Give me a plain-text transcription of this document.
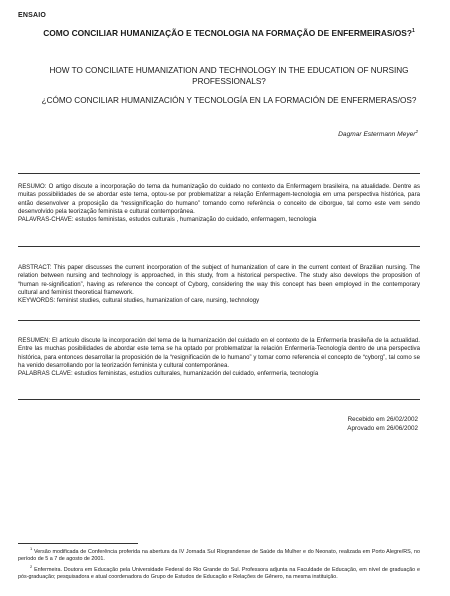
ENSAIO
COMO CONCILIAR HUMANIZAÇÃO E TECNOLOGIA NA FORMAÇÃO DE ENFERMEIRAS/OS?$^1$
HOW TO CONCILIATE HUMANIZATION AND TECHNOLOGY IN THE EDUCATION OF NURSING PROFESSIONALS?
¿CÓMO CONCILIAR HUMANIZACIÓN Y TECNOLOGÍA EN LA FORMACIÓN DE ENFERMERAS/OS?
Dagmar Estermann Meyer$^2$
RESUMO: O artigo discute a incorporação do tema da humanização do cuidado no contexto da Enfermagem brasileira, na atualidade. Dentre as muitas possibilidades de se abordar este tema, optou-se por problematizar a relação Enfermagem-tecnologia em uma perspectiva histórica, para então desenvolver a proposição da “ressignificação do humano” tomando como referência o conceito de ciborgue, tal como este vem sendo desenvolvido pela teorização feminista e cultural contemporânea.
PALAVRAS-CHAVE: estudos feministas, estudos culturais , humanização do cuidado, enfermagem, tecnologia
ABSTRACT: This paper discusses the current incorporation of the subject of humanization of care in the current context of Brazilian nursing. The relation between nursing and technology is approached, in this study, from a historical perspective. The study also develops the proposition of “human re-signification”, having as reference the concept of Cyborg, considering the way this concept has been employed in the contemporary cultural and feminist theoretical framework.
KEYWORDS: feminist studies, cultural studies, humanization of care, nursing, technology
RESUMEN: El artículo discute la incorporación del tema de la humanización del cuidado en el contexto de la Enfermería brasileña de la actualidad. Entre las muchas posibilidades de abordar este tema se ha optado por problematizar la relación Enfermería-Tecnología dentro de una perspectiva histórica, para entonces desarrollar la proposición de la “resignificación de lo humano” y tomar como referencia el concepto de “cyborg”, tal como se ha venido desarrollando por la teorización feminista y cultural contemporánea.
PALABRAS CLAVE: estudios feministas, estudios culturales, humanización del cuidado, enfermería, tecnología
Recebido em 26/02/2002
Aprovado em 26/06/2002

$^1$ Versão modificada de Conferência proferida na abertura da IV Jornada Sul Riograndense de Saúde da Mulher e do Neonato, realizada em Porto Alegre/RS, no período de 5 a 7 de agosto de 2001.

$^2$ Enfermeira. Doutora em Educação pela Universidade Federal do Rio Grande do Sul. Professora adjunta na Faculdade de Educação, em nível de graduação e pós-graduação; pesquisadora e atual coordenadora do Grupo de Estudos de Educação e Relações de Gênero, na mesma instituição.
